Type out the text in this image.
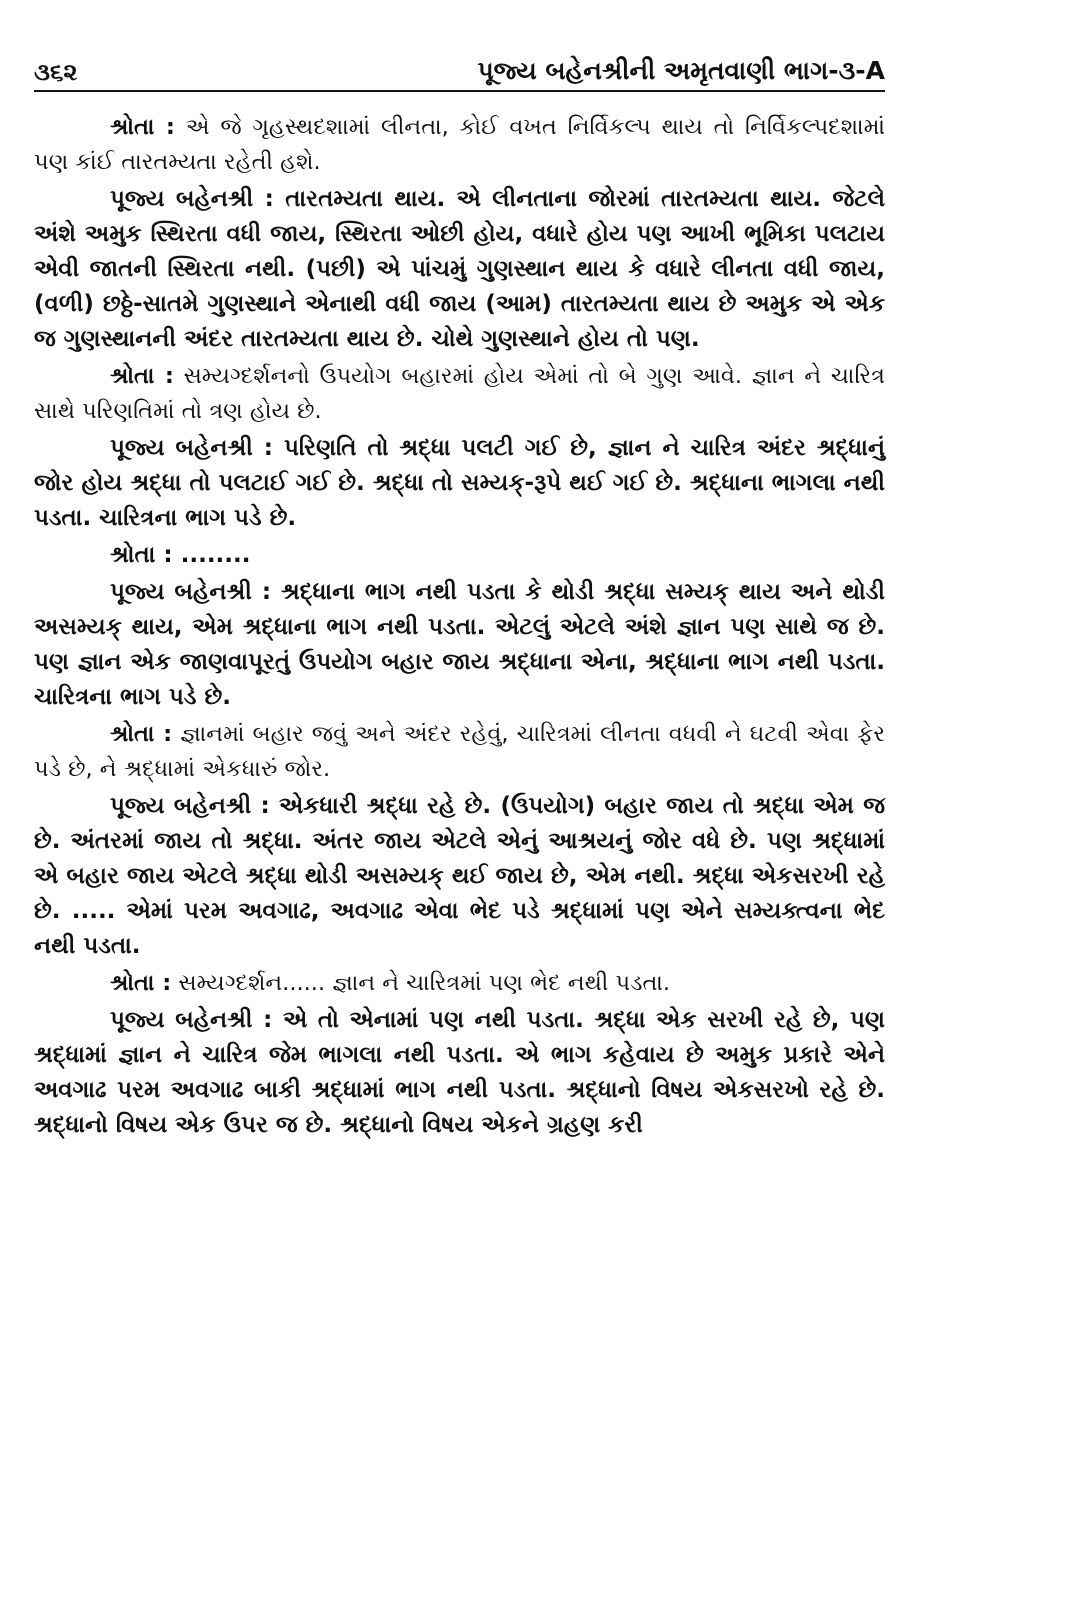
૩૬૨	પૂજ્ય બહેનશ્રીની અમૃતવાણી ભાગ-૩-A

શ્રોતા : એ જે ગૃહસ્થદશામાં લીનતા, કોઈ વખત નિર્વિકલ્પ થાય તો નિર્વિકલ્પદશામાં પણ કાંઈ તારતમ્યતા રહેતી હશે.

પૂજ્ય બહેનશ્રી : તારતમ્યતા થાય. એ લીનતાના જોરમાં તારતમ્યતા થાય. જેટલે અંશે અમુક સ્થિરતા વધી જાય, સ્થિરતા ઓછી હોય, વધારે હોય પણ આખી ભૂમિકા પલટાય એવી જાતની સ્થિરતા નથી. (પછી) એ પાંચમું ગુણસ્થાન થાય કે વધારે લીનતા વધી જાય, (વળી) છઠ્ઠે-સાતમે ગુણસ્થાને એનાથી વધી જાય (આમ) તારતમ્યતા થાય છે અમુક એ એક જ ગુણસ્થાનની અંદર તારતમ્યતા થાય છે. ચોથે ગુણસ્થાને હોય તો પણ.

શ્રોતા : સમ્યગ્દર્શનનો ઉપયોગ બહારમાં હોય એમાં તો બે ગુણ આવે. જ્ઞાન ને ચારિત્ર સાથે પરિણતિમાં તો ત્રણ હોય છે.

પૂજ્ય બહેનશ્રી : પરિણતિ તો શ્રદ્ધા પલટી ગઈ છે, જ્ઞાન ને ચારિત્ર અંદર શ્રદ્ધાનું જોર હોય શ્રદ્ધા તો પલટાઈ ગઈ છે. શ્રદ્ધા તો સમ્યક્-રૂપે થઈ ગઈ છે. શ્રદ્ધાના ભાગલા નથી પડતા. ચારિત્રના ભાગ પડે છે.

શ્રોતા : ........

પૂજ્ય બહેનશ્રી : શ્રદ્ધાના ભાગ નથી પડતા કે થોડી શ્રદ્ધા સમ્યક્ થાય અને થોડી અસમ્યક્ થાય, એમ શ્રદ્ધાના ભાગ નથી પડતા. એટલું એટલે અંશે જ્ઞાન પણ સાથે જ છે. પણ જ્ઞાન એક જાણવાપૂરતું ઉપયોગ બહાર જાય શ્રદ્ધાના એના, શ્રદ્ધાના ભાગ નથી પડતા. ચારિત્રના ભાગ પડે છે.

શ્રોતા : જ્ઞાનમાં બહાર જવું અને અંદર રહેવું, ચારિત્રમાં લીનતા વધવી ને ઘટવી એવા ફેર પડે છે, ને શ્રદ્ધામાં એકધારું જોર.

પૂજ્ય બહેનશ્રી : એકધારી શ્રદ્ધા રહે છે. (ઉપયોગ) બહાર જાય તો શ્રદ્ધા એમ જ છે. અંતરમાં જાય તો શ્રદ્ધા. અંતર જાય એટલે એનું આશ્રયનું જોર વધે છે. પણ શ્રદ્ધામાં એ બહાર જાય એટલે શ્રદ્ધા થોડી અસમ્યક્ થઈ જાય છે, એમ નથી. શ્રદ્ધા એકસરખી રહે છે. ..... એમાં પરમ અવગાઢ, અવગાઢ એવા ભેદ પડે શ્રદ્ધામાં પણ એને સમ્યક્ત્વના ભેદ નથી પડતા.

શ્રોતા : સમ્યગ્દર્શન...... જ્ઞાન ને ચારિત્રમાં પણ ભેદ નથી પડતા.

પૂજ્ય બહેનશ્રી : એ તો એનામાં પણ નથી પડતા. શ્રદ્ધા એક સરખી રહે છે, પણ શ્રદ્ધામાં જ્ઞાન ને ચારિત્ર જેમ ભાગલા નથી પડતા. એ ભાગ કહેવાય છે અમુક પ્રકારે એને અવગાઢ પરમ અવગાઢ બાકી શ્રદ્ધામાં ભાગ નથી પડતા. શ્રદ્ધાનો વિષય એકસરખો રહે છે. શ્રદ્ધાનો વિષય એક ઉપર જ છે. શ્રદ્ધાનો વિષય એકને ગ્રહણ કરી
